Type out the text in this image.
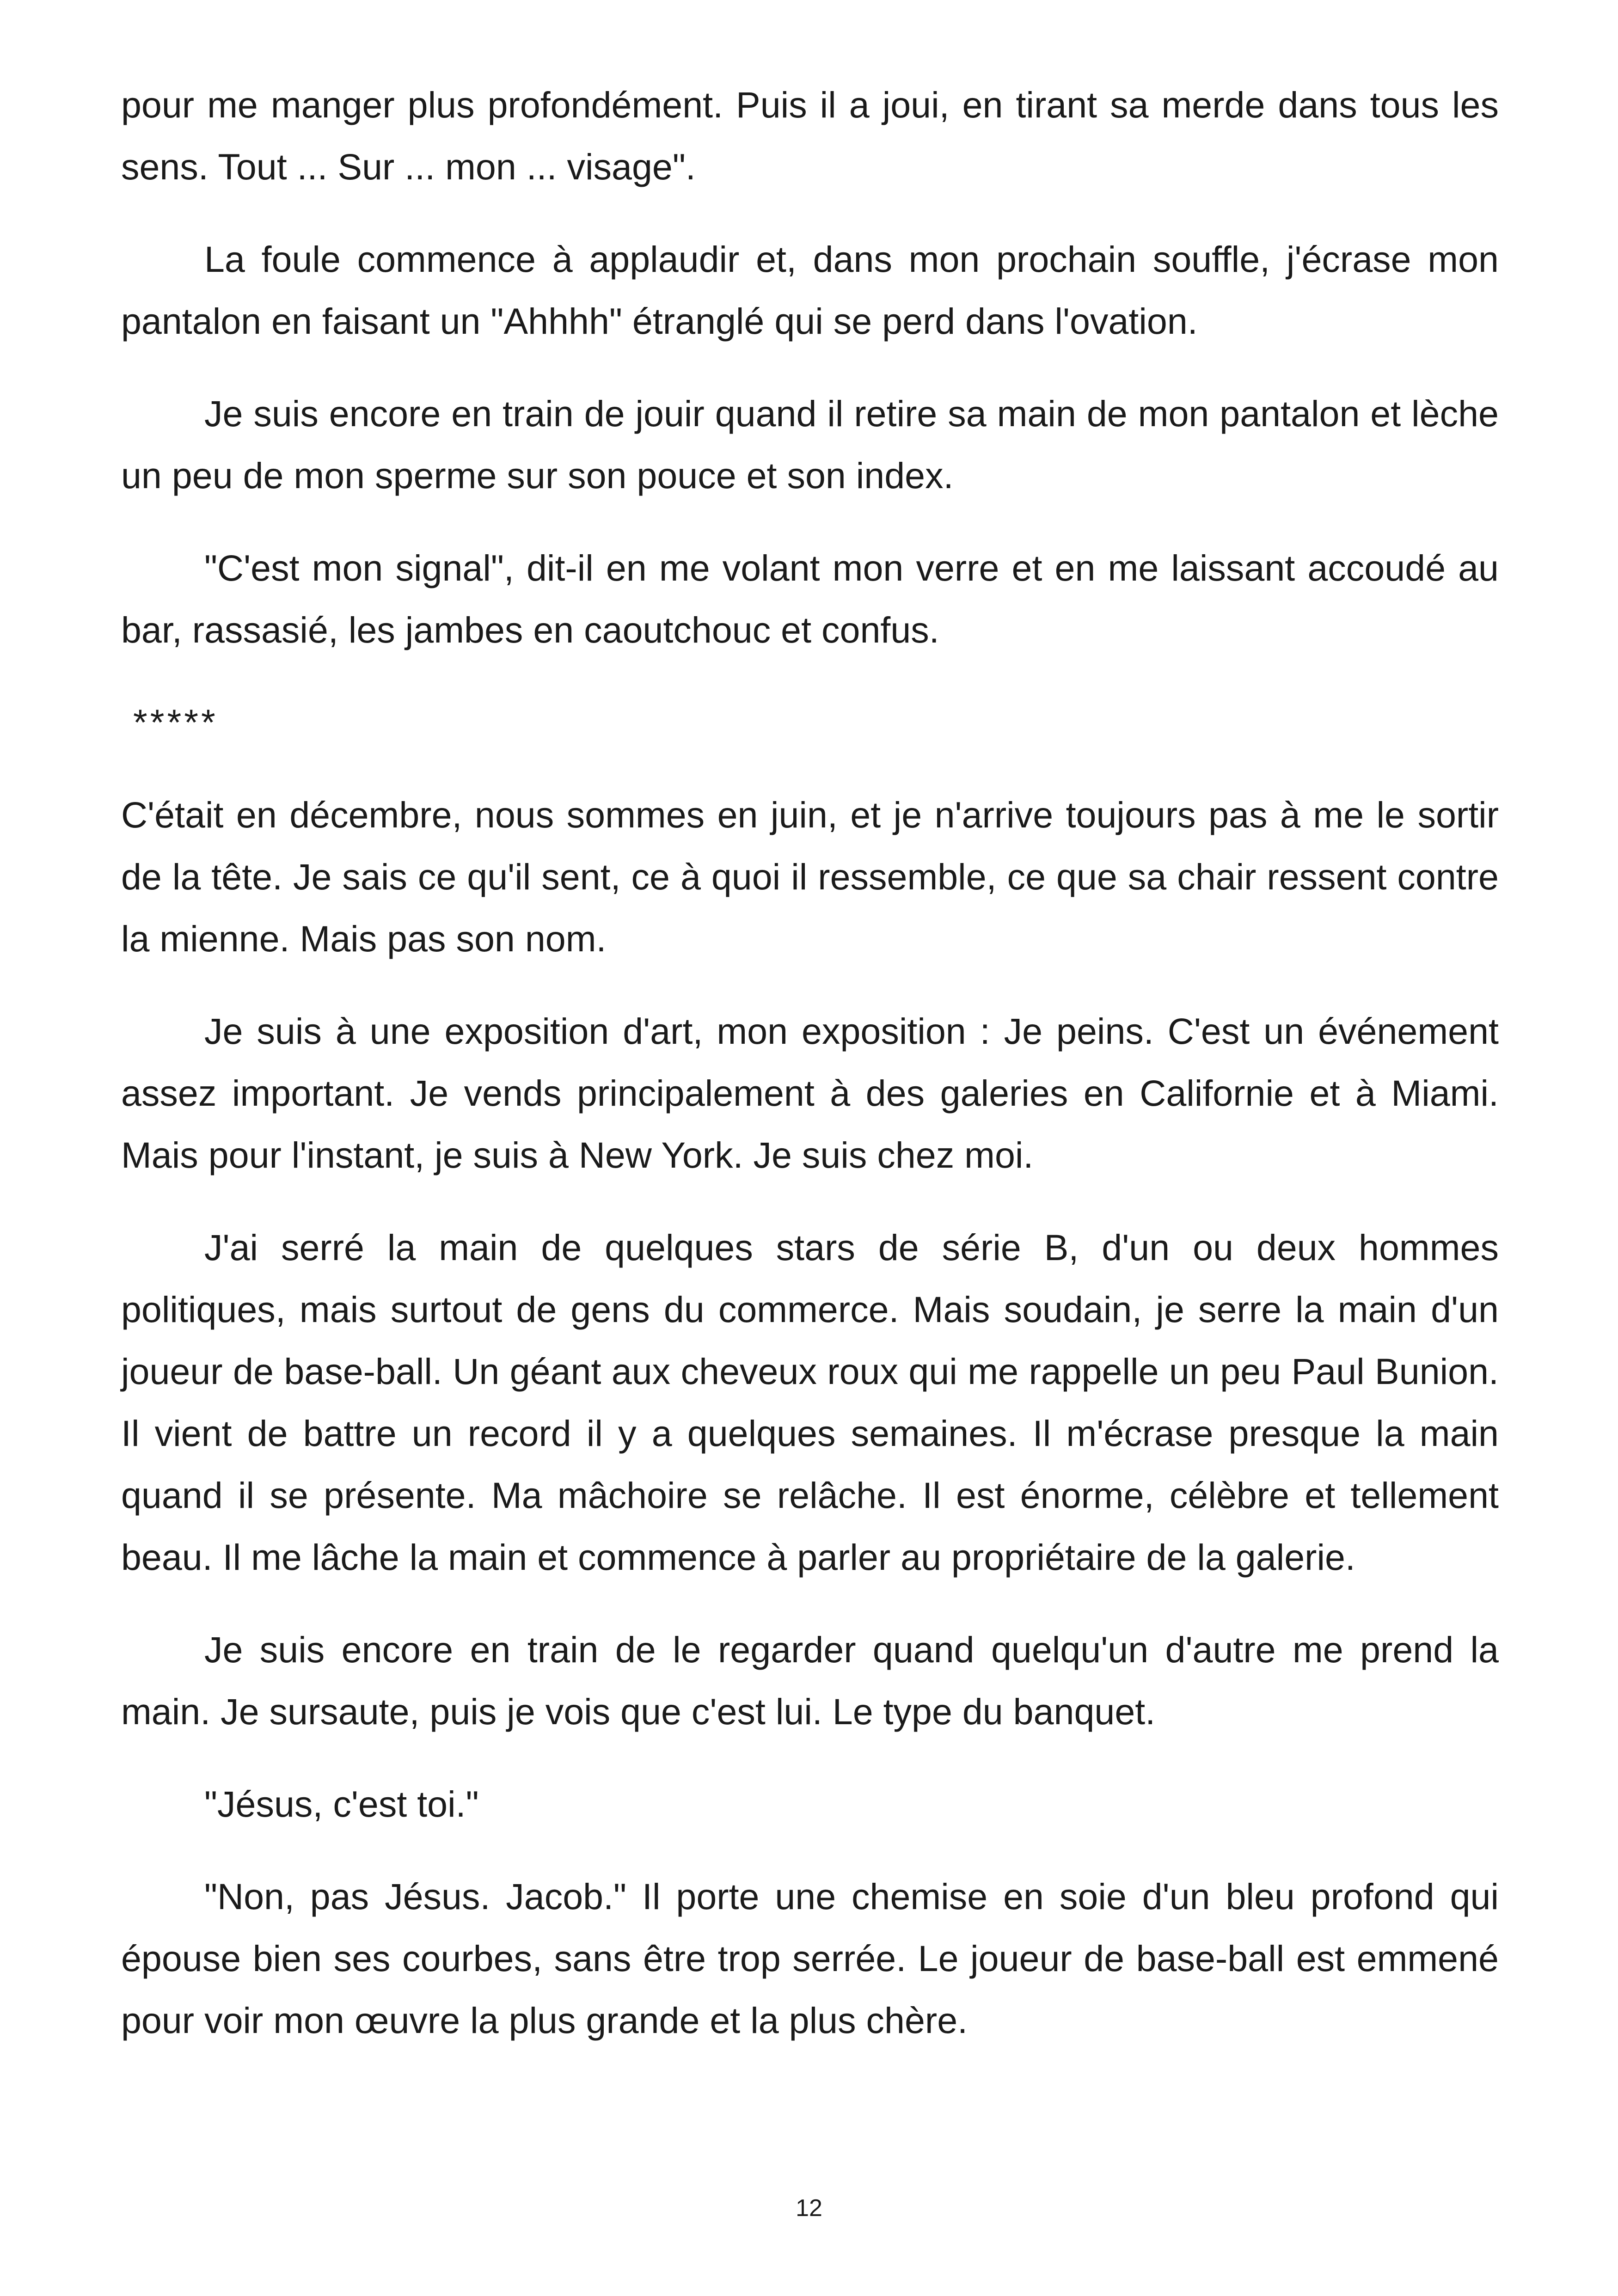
pour me manger plus profondément. Puis il a joui, en tirant sa merde dans tous les sens. Tout ... Sur ... mon ... visage".

La foule commence à applaudir et, dans mon prochain souffle, j'écrase mon pantalon en faisant un "Ahhhh" étranglé qui se perd dans l'ovation.

Je suis encore en train de jouir quand il retire sa main de mon pantalon et lèche un peu de mon sperme sur son pouce et son index.

"C'est mon signal", dit-il en me volant mon verre et en me laissant accoudé au bar, rassasié, les jambes en caoutchouc et confus.

*****

C'était en décembre, nous sommes en juin, et je n'arrive toujours pas à me le sortir de la tête. Je sais ce qu'il sent, ce à quoi il ressemble, ce que sa chair ressent contre la mienne. Mais pas son nom.

Je suis à une exposition d'art, mon exposition : Je peins. C'est un événement assez important. Je vends principalement à des galeries en Californie et à Miami. Mais pour l'instant, je suis à New York. Je suis chez moi.

J'ai serré la main de quelques stars de série B, d'un ou deux hommes politiques, mais surtout de gens du commerce. Mais soudain, je serre la main d'un joueur de base-ball. Un géant aux cheveux roux qui me rappelle un peu Paul Bunion. Il vient de battre un record il y a quelques semaines. Il m'écrase presque la main quand il se présente. Ma mâchoire se relâche. Il est énorme, célèbre et tellement beau. Il me lâche la main et commence à parler au propriétaire de la galerie.

Je suis encore en train de le regarder quand quelqu'un d'autre me prend la main. Je sursaute, puis je vois que c'est lui. Le type du banquet.

"Jésus, c'est toi."

"Non, pas Jésus. Jacob." Il porte une chemise en soie d'un bleu profond qui épouse bien ses courbes, sans être trop serrée. Le joueur de base-ball est emmené pour voir mon œuvre la plus grande et la plus chère.

12
